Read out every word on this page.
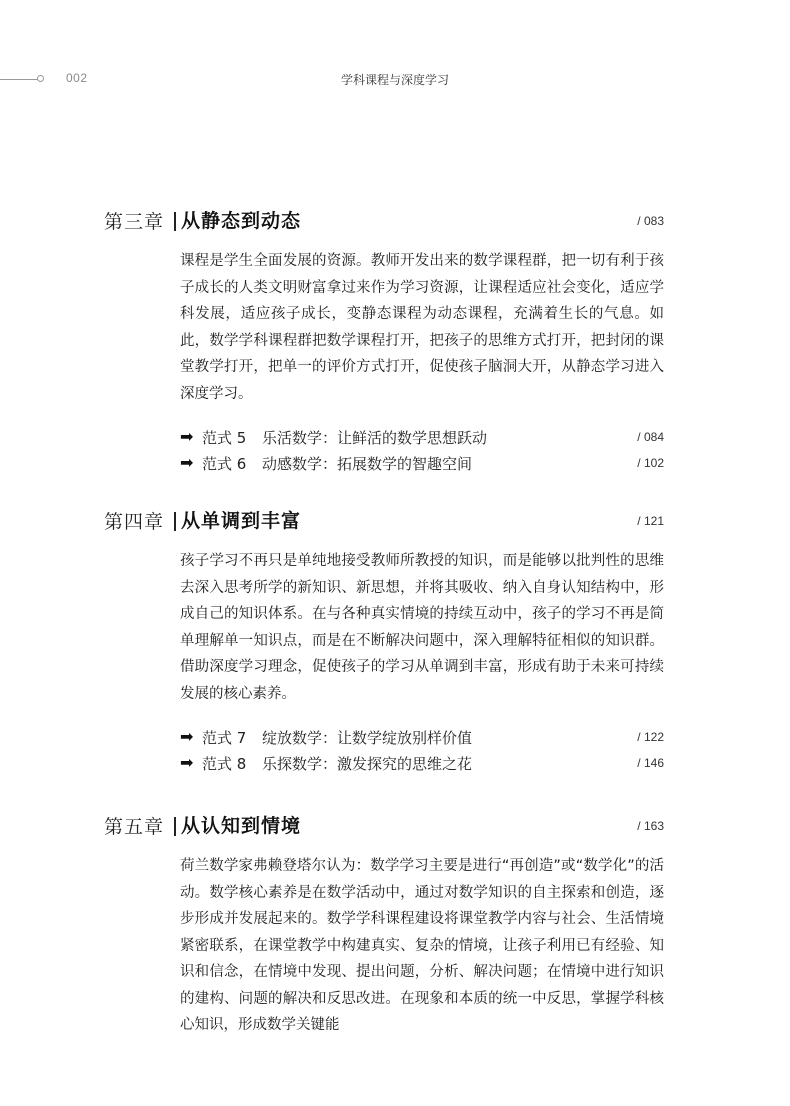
002	学科课程与深度学习
第三章 从静态到动态	/ 083

课程是学生全面发展的资源。教师开发出来的数学课程群，把一切有利于孩子成长的人类文明财富拿过来作为学习资源，让课程适应社会变化，适应学科发展，适应孩子成长，变静态课程为动态课程，充满着生长的气息。如此，数学学科课程群把数学课程打开，把孩子的思维方式打开，把封闭的课堂教学打开，把单一的评价方式打开，促使孩子脑洞大开，从静态学习进入深度学习。

➡ 范式 5 乐活数学：让鲜活的数学思想跃动	/ 084
➡ 范式 6 动感数学：拓展数学的智趣空间	/ 102
第四章 从单调到丰富	/ 121

孩子学习不再只是单纯地接受教师所教授的知识，而是能够以批判性的思维去深入思考所学的新知识、新思想，并将其吸收、纳入自身认知结构中，形成自己的知识体系。在与各种真实情境的持续互动中，孩子的学习不再是简单理解单一知识点，而是在不断解决问题中，深入理解特征相似的知识群。借助深度学习理念，促使孩子的学习从单调到丰富，形成有助于未来可持续发展的核心素养。

➡ 范式 7 绽放数学：让数学绽放别样价值	/ 122
➡ 范式 8 乐探数学：激发探究的思维之花	/ 146
第五章 从认知到情境	/ 163

荷兰数学家弗赖登塔尔认为：数学学习主要是进行“再创造”或“数学化”的活动。数学核心素养是在数学活动中，通过对数学知识的自主探索和创造，逐步形成并发展起来的。数学学科课程建设将课堂教学内容与社会、生活情境紧密联系，在课堂教学中构建真实、复杂的情境，让孩子利用已有经验、知识和信念，在情境中发现、提出问题，分析、解决问题；在情境中进行知识的建构、问题的解决和反思改进。在现象和本质的统一中反思，掌握学科核心知识，形成数学关键能
